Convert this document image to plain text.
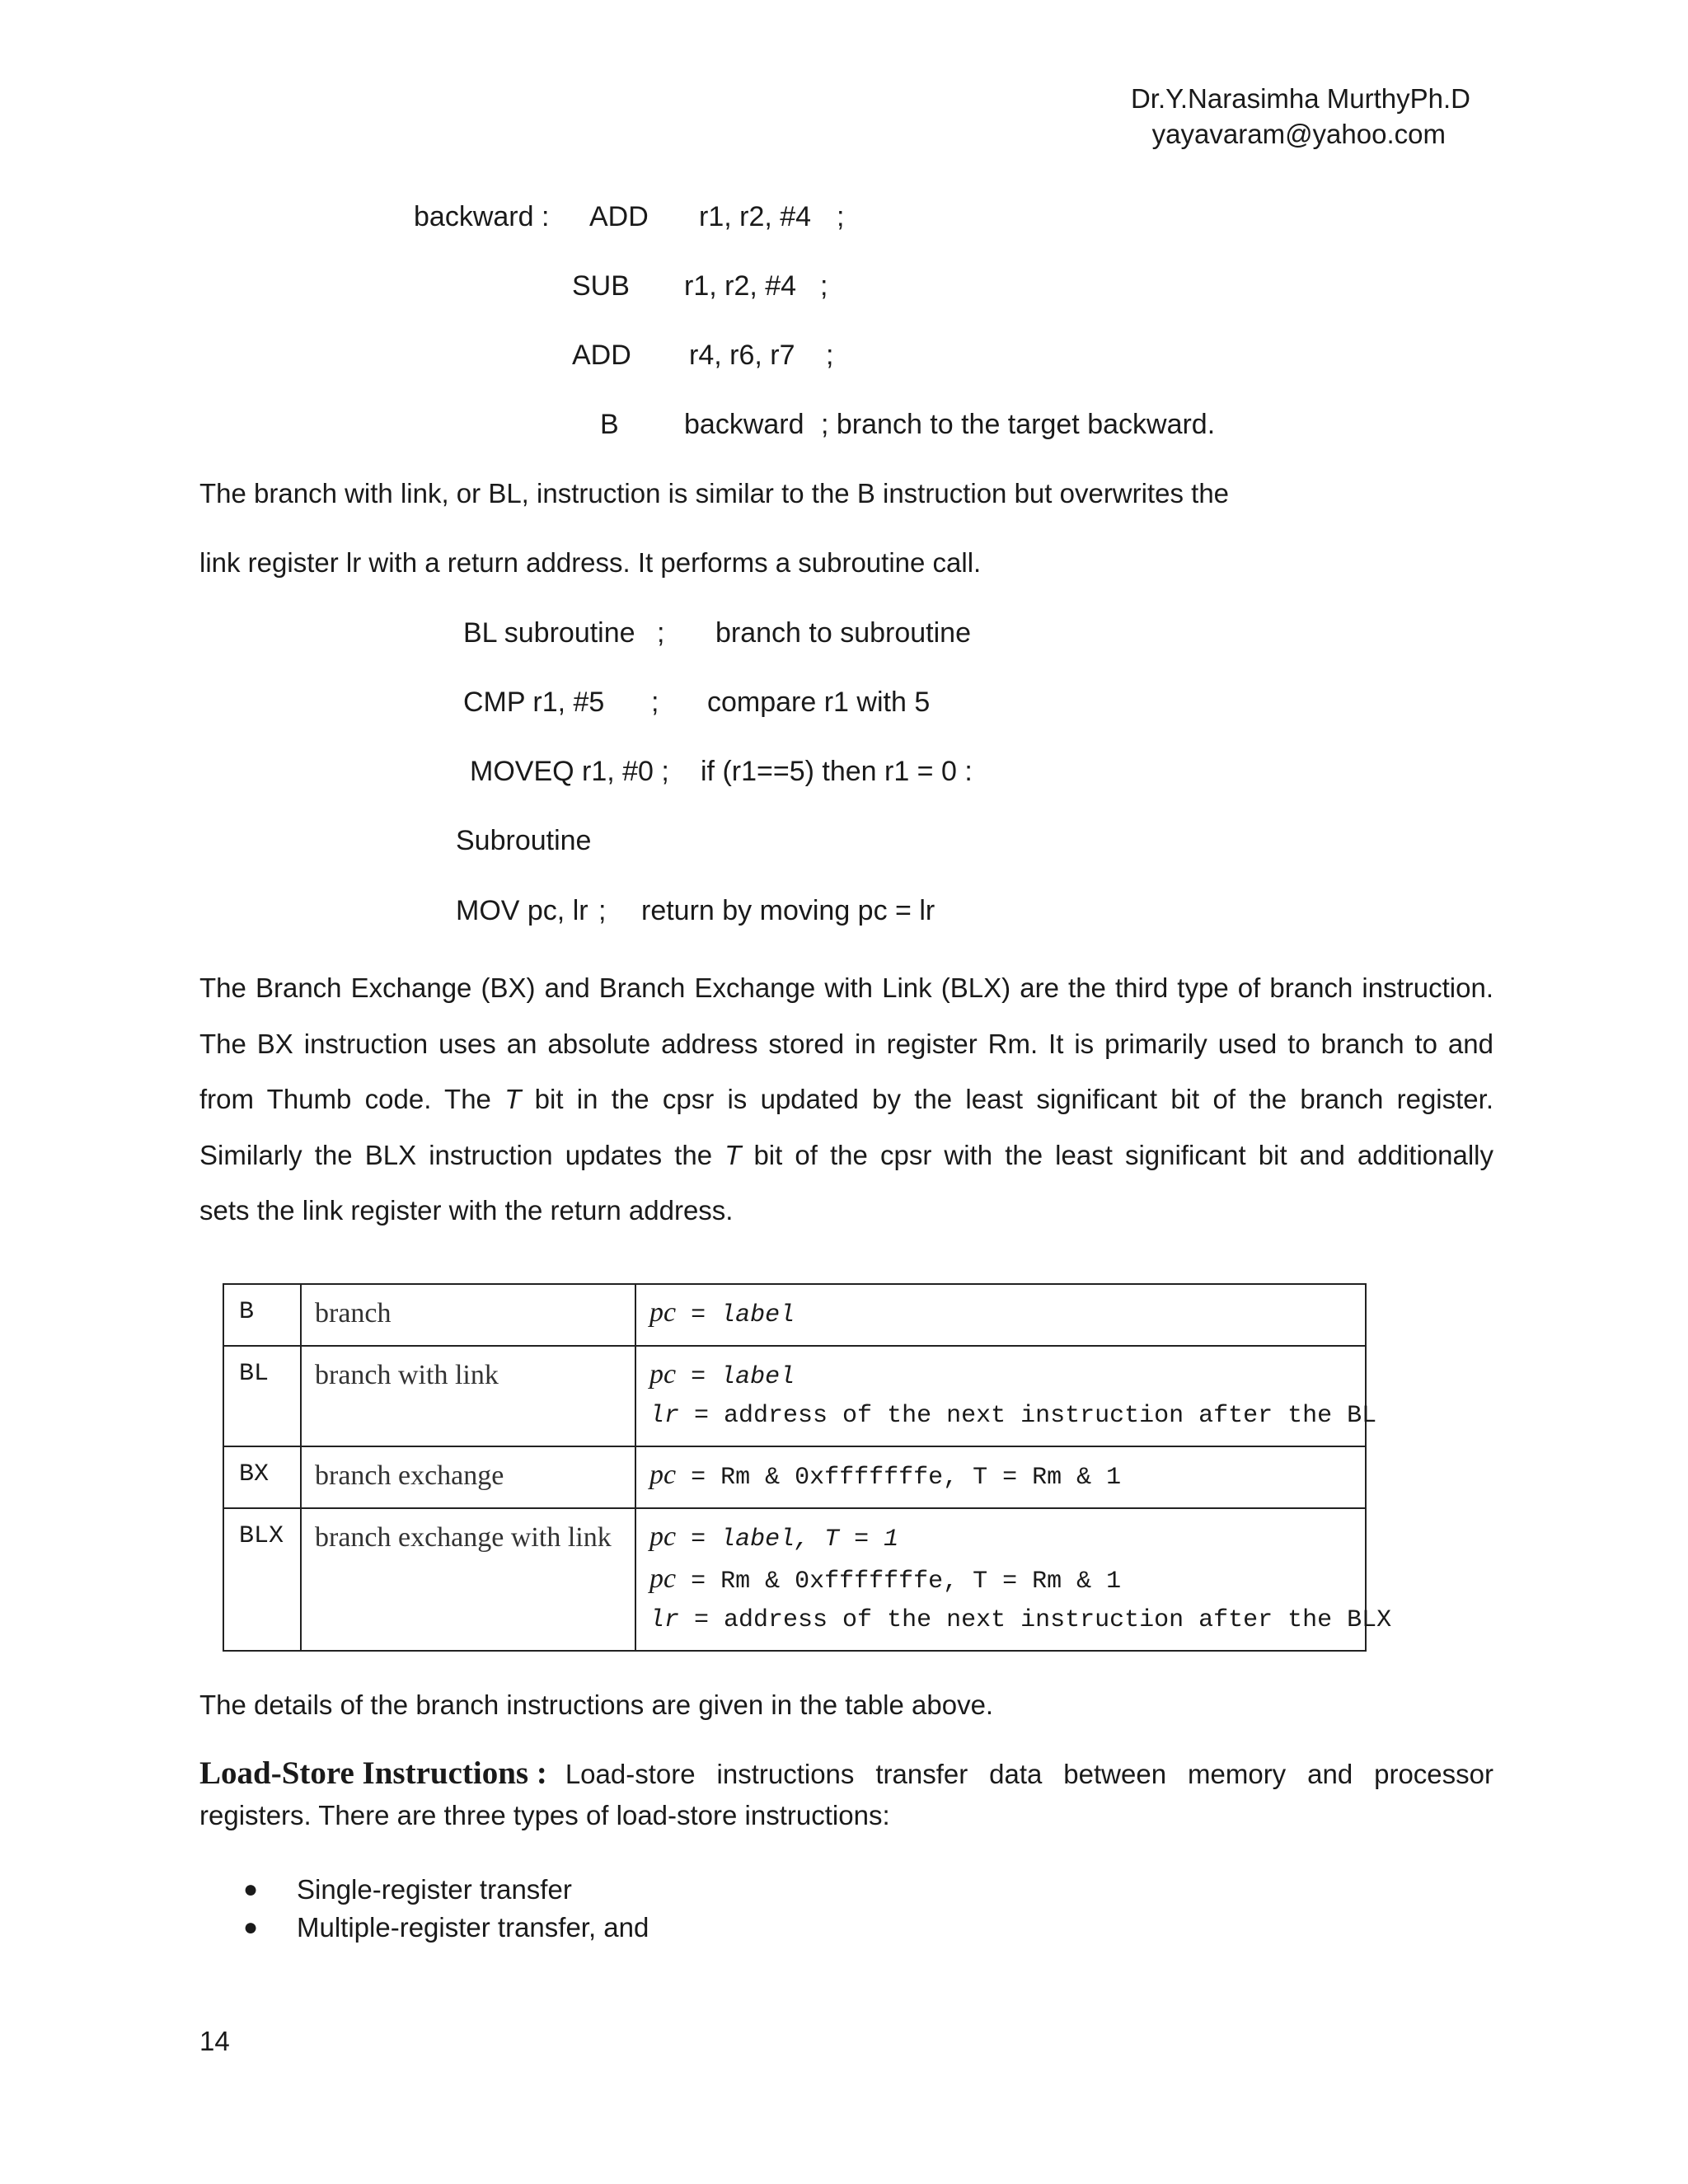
Dr.Y.Narasimha MurthyPh.D
yayavaram@yahoo.com
backward : ADD r1, r2, #4 ;
SUB r1, r2, #4 ;
ADD r4, r6, r7 ;
B backward ; branch to the target backward.
The branch with link, or BL, instruction is similar to the B instruction but overwrites the
link register lr with a return address. It performs a subroutine call.
BL subroutine ; branch to subroutine
CMP r1, #5 ; compare r1 with 5
MOVEQ r1, #0 ; if (r1==5) then r1 = 0 :
Subroutine
MOV pc, lr ; return by moving pc = lr
The Branch Exchange (BX) and Branch Exchange with Link (BLX) are the third type of branch instruction.
The BX instruction uses an absolute address stored in register Rm. It is primarily used to branch to and
from Thumb code. The T bit in the cpsr is updated by the least significant bit of the branch register.
Similarly the BLX instruction updates the T bit of the cpsr with the least significant bit and additionally
sets the link register with the return address.
B	branch	pc = label

BL	branch with link	pc = label
lr = address of the next instruction after the BL

BX	branch exchange	pc = Rm & 0xfffffffe, T = Rm & 1

BLX	branch exchange with link	pc = label, T = 1
pc = Rm & 0xfffffffe, T = Rm & 1
lr = address of the next instruction after the BLX
The details of the branch instructions are given in the table above.
Load-Store Instructions : Load-store instructions transfer data between memory and processor
registers. There are three types of load-store instructions:
● Single-register transfer
● Multiple-register transfer, and
14
